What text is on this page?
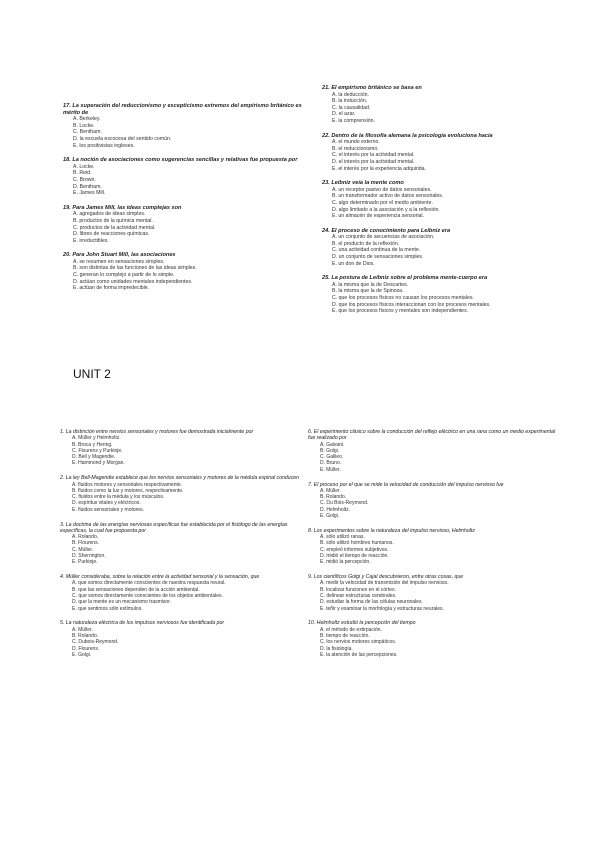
17. La superación del reduccionismo y escepticismo extremos del empirismo británico es mérito de
A. Berkeley.
B. Locke.
C. Bentham.
D. la escuela escocesa del sentido común.
E. los positivistas ingleses.
18. La noción de asociaciones como sugerencias sencillas y relativas fue propuesta por
A. Locke.
B. Reid.
C. Brown.
D. Bentham.
E. James Mill.
19. Para James Mill, las ideas complejas son
A. agregados de ideas simples.
B. productos de la química mental.
C. productos de la actividad mental.
D. libres de reacciones químicas.
E. irreductibles.
20. Para John Stuart Mill, las asociaciones
A. se resumen en sensaciones simples.
B. son distintas de las funciones de las ideas simples.
C. generan lo complejo a partir de lo simple.
D. actúan como unidades mentales independientes.
E. actúan de forma impredecible.
21. El empirismo británico se basa en
A. la deducción.
B. la inducción.
C. la causalidad.
D. el azar.
E. la comprensión.
22. Dentro de la filosofía alemana la psicología evoluciona hacia
A. el mundo externo.
B. el reduccionismo.
C. el interés por la actividad mental.
D. el interés por la actividad mental.
E. el interés por la experiencia adquirida.
23. Leibniz veía la mente como
A. un receptor pasivo de datos sensoriales.
B. un transformador activo de datos sensoriales.
C. algo determinado por el medio ambiente.
D. algo limitado a la asociación y a la reflexión.
E. un almacén de experiencia sensorial.
24. El proceso de conocimiento para Leibniz era
A. un conjunto de secuencias de asociación.
B. el producto de la reflexión.
C. una actividad continua de la mente.
D. un conjunto de sensaciones simples.
E. un don de Dios.
25. La postura de Leibniz sobre el problema mente-cuerpo era
A. la misma que la de Descartes.
B. la misma que la de Spinoza.
C. que los procesos físicos no causan los procesos mentales.
D. que los procesos físicos interaccionan con los procesos mentales.
E. que los procesos físicos y mentales son independientes.
UNIT 2
1. La distinción entre nervios sensoriales y motores fue demostrada inicialmente por
A. Müller y Helmholtz.
B. Broca y Hering.
C. Flourens y Purkinje.
D. Bell y Magendie.
E. Hammond y Morgan.
2. La ley Bell-Magendie establece que los nervios sensoriales y motores de la médula espinal conducen
A. fluidos motores y sensoriales respectivamente.
B. fluidos como la luz y motores, respectivamente.
C. fluidos entre la médula y los músculos.
D. espíritus vitales y eléctricos.
E. fluidos sensoriales y motores.
3. La doctrina de las energías nerviosas específicas fue establecida por el fisiólogo de las energías específicas, la cual fue propuesta por
A. Rolando.
B. Flourens.
C. Müller.
D. Sherrington.
E. Purkinje.
4. Müller consideraba, sobre la relación entre la actividad sensorial y la sensación, que
A. que somos directamente conscientes de nuestra respuesta neural.
B. que las sensaciones dependen de la acción ambiental.
C. que somos directamente conscientes de los objetos ambientales.
D. que la mente es un mecanismo trasmisor.
E. que sentimos sólo estímulos.
5. La naturaleza eléctrica de los impulsos nerviosos fue identificada por
A. Müller.
B. Rolando.
C. Dubois-Reymond.
D. Flourens.
E. Golgi.
6. El experimento clásico sobre la conducción del reflejo eléctrico en una rana como un medio experimental fue realizado por
A. Galvani.
B. Golgi.
C. Galileo.
D. Bruno.
E. Müller.
7. El proceso por el que se mide la velocidad de conducción del impulso nervioso fue
A. Müller.
B. Rolando.
C. Du Bois-Reymond.
D. Helmholtz.
E. Golgi.
8. Los experimentos sobre la naturaleza del impulso nervioso, Helmholtz
A. sólo utilizó ranas.
B. sólo utilizó hombres humanos.
C. empleó informes subjetivos.
D. midió el tiempo de reacción.
E. midió la percepción.
9. Los científicos Golgi y Cajal descubrieron, entre otras cosas, que
A. medir la velocidad de transmisión del impulso nervioso.
B. localizar funciones en el córtex.
C. delinear estructuras cerebrales.
D. estudiar la forma de las células neuronales.
E. teñir y examinar la morfología y estructuras neurales.
10. Helmholtz estudió la percepción del tiempo
A. el método de extirpación.
B. tiempo de reacción.
C. los nervios motores simpáticos.
D. la fisiología.
E. la atención de las percepciones.
